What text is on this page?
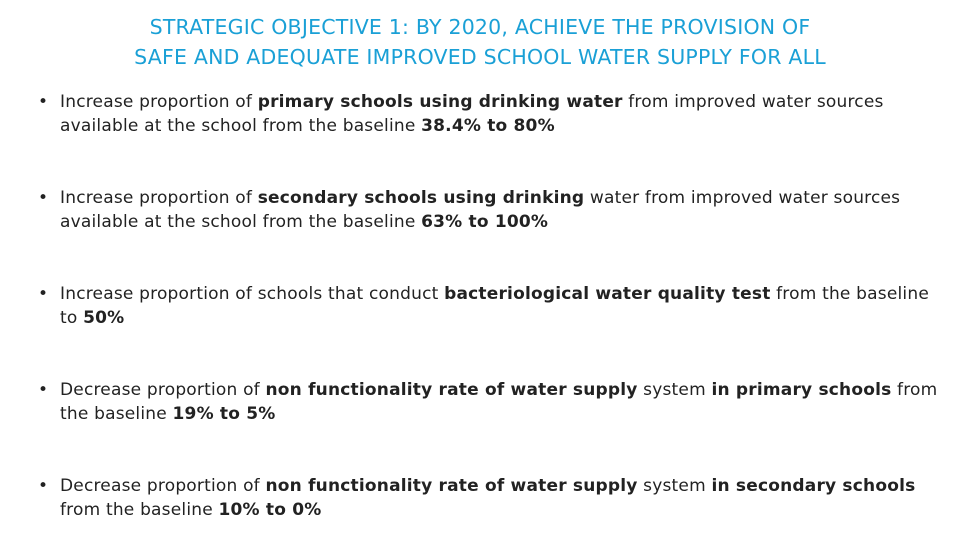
STRATEGIC OBJECTIVE 1: BY 2020, ACHIEVE THE PROVISION OF
SAFE AND ADEQUATE IMPROVED SCHOOL WATER SUPPLY FOR ALL
• Increase proportion of primary schools using drinking water from improved water sources available at the school from the baseline 38.4% to 80%
• Increase proportion of secondary schools using drinking water from improved water sources available at the school from the baseline 63% to 100%
• Increase proportion of schools that conduct bacteriological water quality test from the baseline to 50%
• Decrease proportion of non functionality rate of water supply system in primary schools from the baseline 19% to 5%
• Decrease proportion of non functionality rate of water supply system in secondary schools from the baseline 10% to 0%
